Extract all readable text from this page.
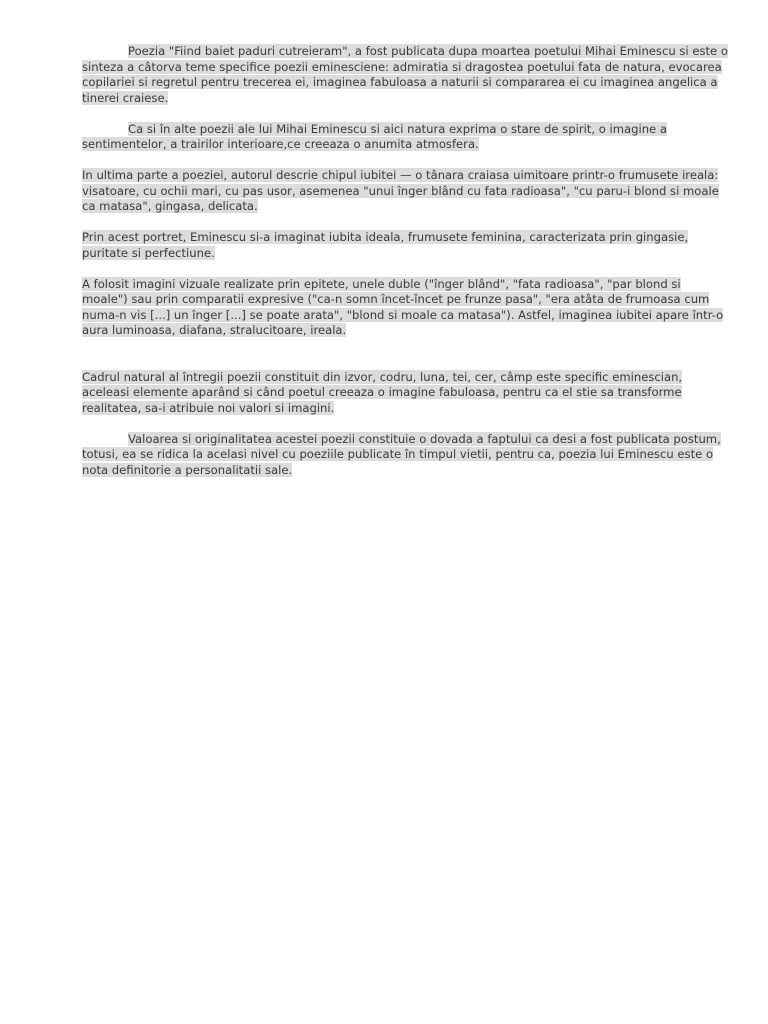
Poezia "Fiind baiet paduri cutreieram", a fost publicata dupa moartea poetului Mihai Eminescu si este o sinteza a câtorva teme specifice poezii eminesciene: admiratia si dragostea poetului fata de natura, evocarea copilariei si regretul pentru trecerea ei, imaginea fabuloasa a naturii si compararea ei cu imaginea angelica a tinerei craiese.

Ca si în alte poezii ale lui Mihai Eminescu si aici natura exprima o stare de spirit, o imagine a sentimentelor, a trairilor interioare,ce creeaza o anumita atmosfera.

In ultima parte a poeziei, autorul descrie chipul iubitei — o tânara craiasa uimitoare printr-o frumusete ireala: visatoare, cu ochii mari, cu pas usor, asemenea "unui înger blând cu fata radioasa", "cu paru-i blond si moale ca matasa", gingasa, delicata.

Prin acest portret, Eminescu si-a imaginat iubita ideala, frumusete feminina, caracterizata prin gingasie, puritate si perfectiune.

A folosit imagini vizuale realizate prin epitete, unele duble ("înger blând", "fata radioasa", "par blond si moale") sau prin comparatii expresive ("ca-n somn încet-încet pe frunze pasa", "era atâta de frumoasa cum numa-n vis [...] un înger [...] se poate arata", "blond si moale ca matasa"). Astfel, imaginea iubitei apare într-o aura luminoasa, diafana, stralucitoare, ireala.

Cadrul natural al întregii poezii constituit din izvor, codru, luna, tei, cer, câmp este specific eminescian, aceleasi elemente aparând si când poetul creeaza o imagine fabuloasa, pentru ca el stie sa transforme realitatea, sa-i atribuie noi valori si imagini.

Valoarea si originalitatea acestei poezii constituie o dovada a faptului ca desi a fost publicata postum, totusi, ea se ridica la acelasi nivel cu poeziile publicate în timpul vietii, pentru ca, poezia lui Eminescu este o nota definitorie a personalitatii sale.
